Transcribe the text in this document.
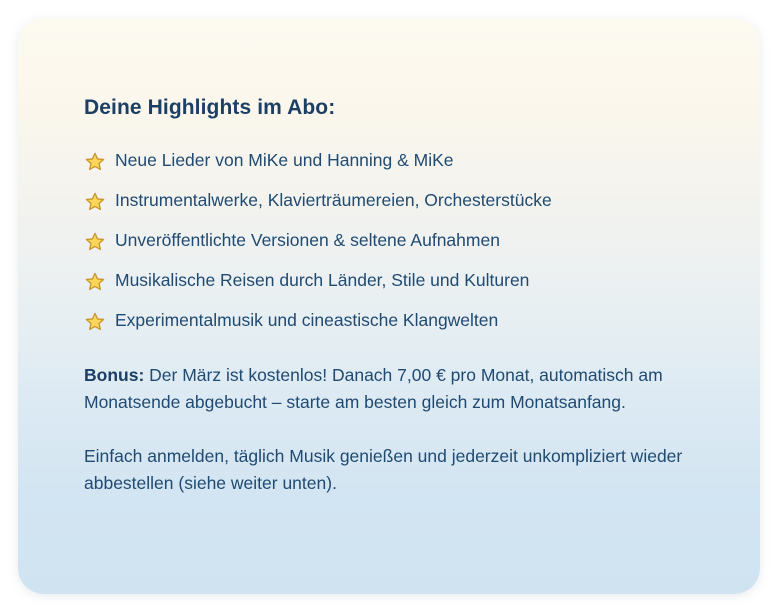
Deine Highlights im Abo:
Neue Lieder von MiKe und Hanning & MiKe
Instrumentalwerke, Klavierträumereien, Orchesterstücke
Unveröffentlichte Versionen & seltene Aufnahmen
Musikalische Reisen durch Länder, Stile und Kulturen
Experimentalmusik und cineastische Klangwelten

Bonus: Der März ist kostenlos! Danach 7,00 € pro Monat, automatisch am Monatsende abgebucht – starte am besten gleich zum Monatsanfang.

Einfach anmelden, täglich Musik genießen und jederzeit unkompliziert wieder abbestellen (siehe weiter unten).
